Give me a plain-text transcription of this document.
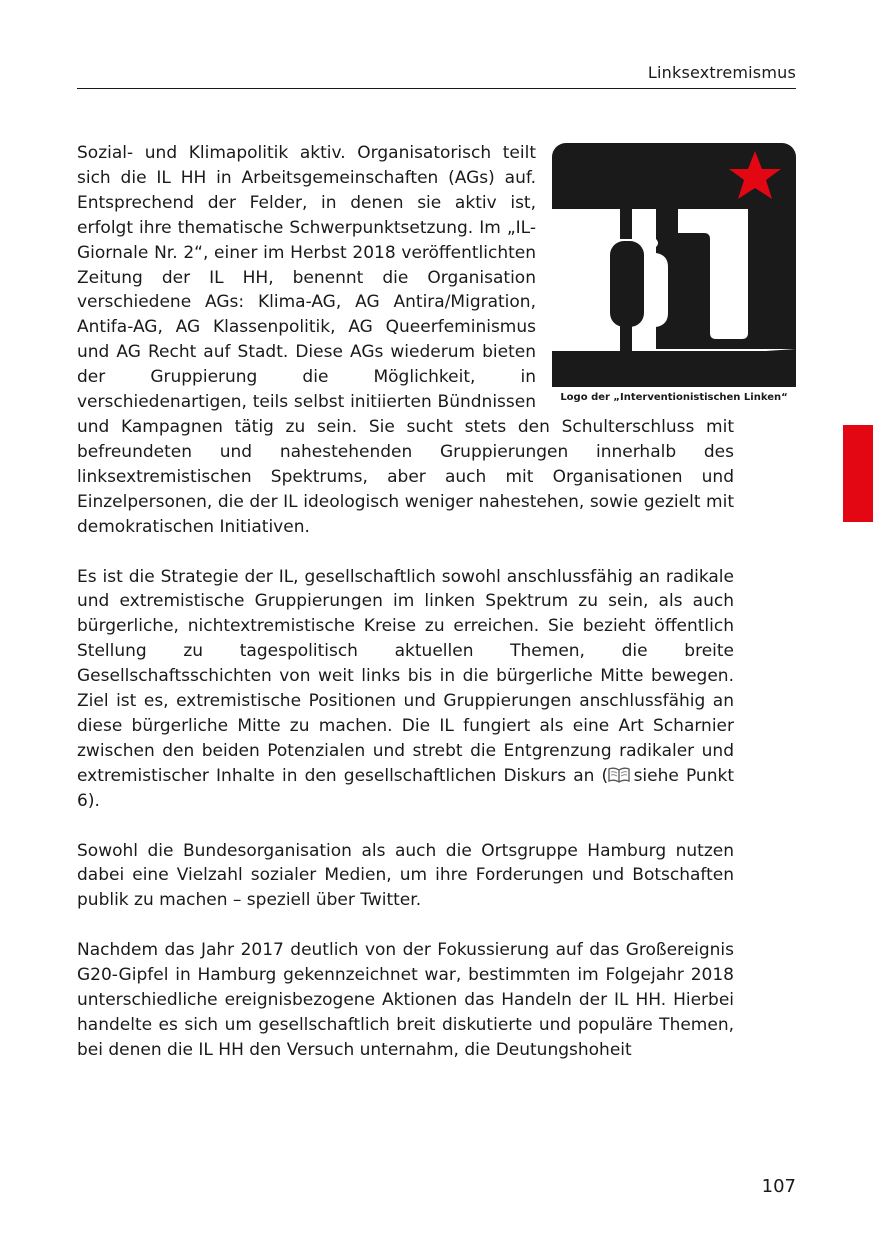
Linksextremismus
Logo der „Interventionistischen Linken“

Sozial- und Klimapolitik aktiv. Organisatorisch teilt sich die IL HH in Arbeitsgemeinschaften (AGs) auf. Entsprechend der Felder, in denen sie aktiv ist, erfolgt ihre thematische Schwerpunktsetzung. Im „IL-Giornale Nr. 2“, einer im Herbst 2018 veröffentlichten Zeitung der IL HH, benennt die Organisation verschiedene AGs: Klima-AG, AG Antira/Migration, Antifa-AG, AG Klassenpolitik, AG Queerfeminismus und AG Recht auf Stadt. Diese AGs wiederum bieten der Gruppierung die Möglichkeit, in verschiedenartigen, teils selbst initiierten Bündnissen und Kampagnen tätig zu sein. Sie sucht stets den Schulterschluss mit befreundeten und nahestehenden Gruppierungen innerhalb des linksextremistischen Spektrums, aber auch mit Organisationen und Einzelpersonen, die der IL ideologisch weniger nahestehen, sowie gezielt mit demokratischen Initiativen.

Es ist die Strategie der IL, gesellschaftlich sowohl anschlussfähig an radikale und extremistische Gruppierungen im linken Spektrum zu sein, als auch bürgerliche, nichtextremistische Kreise zu erreichen. Sie bezieht öffentlich Stellung zu tagespolitisch aktuellen Themen, die breite Gesellschaftsschichten von weit links bis in die bürgerliche Mitte bewegen. Ziel ist es, extremistische Positionen und Gruppierungen anschlussfähig an diese bürgerliche Mitte zu machen. Die IL fungiert als eine Art Scharnier zwischen den beiden Potenzialen und strebt die Entgrenzung radikaler und extremistischer Inhalte in den gesellschaftlichen Diskurs an (  siehe Punkt 6).

Sowohl die Bundesorganisation als auch die Ortsgruppe Hamburg nutzen dabei eine Vielzahl sozialer Medien, um ihre Forderungen und Botschaften publik zu machen – speziell über Twitter.

Nachdem das Jahr 2017 deutlich von der Fokussierung auf das Großereignis G20-Gipfel in Hamburg gekennzeichnet war, bestimmten im Folgejahr 2018 unterschiedliche ereignisbezogene Aktionen das Handeln der IL HH. Hierbei handelte es sich um gesellschaftlich breit diskutierte und populäre Themen, bei denen die IL HH den Versuch unternahm, die Deutungshoheit

107
